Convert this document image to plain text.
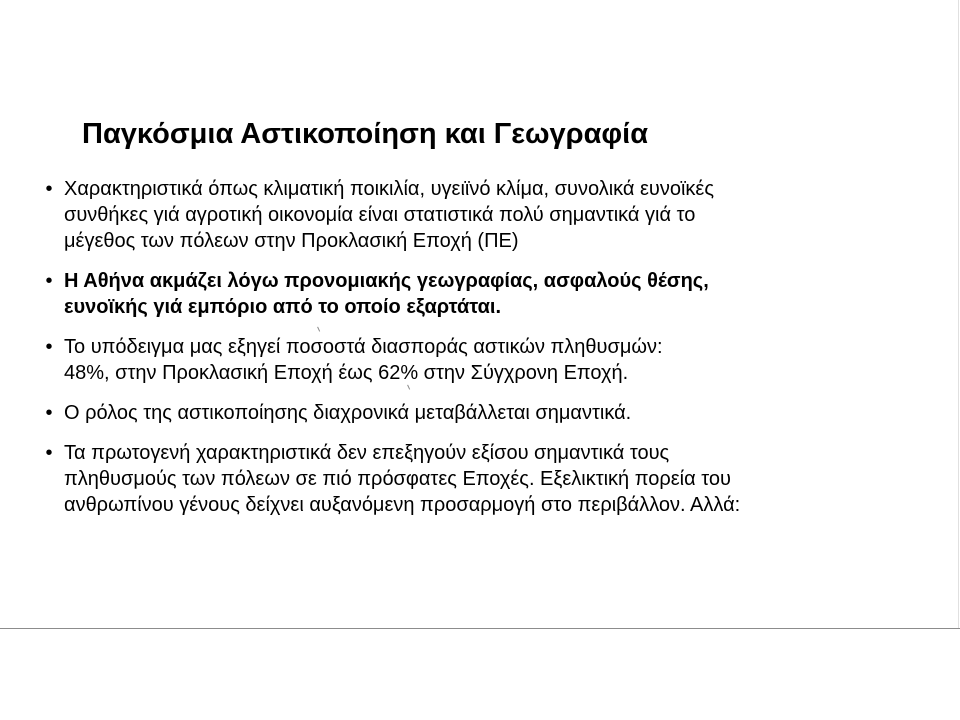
Παγκόσμια Αστικοποίηση και Γεωγραφία
• Χαρακτηριστικά όπως κλιματική ποικιλία, υγειϊνό κλίμα, συνολικά ευνοϊκές
συνθήκες γιά αγροτική οικονομία είναι στατιστικά πολύ σημαντικά γιά το
μέγεθος των πόλεων στην Προκλασική Εποχή (ΠΕ)
• Η Αθήνα ακμάζει λόγω προνομιακής γεωγραφίας, ασφαλούς θέσης,
ευνοϊκής γιά εμπόριο από το οποίο εξαρτάται.
• Το υπόδειγμα μας εξηγεί ποσοστά διασποράς αστικών πληθυσμών:
48%, στην Προκλασική Εποχή έως 62% στην Σύγχρονη Εποχή.
• Ο ρόλος της αστικοποίησης διαχρονικά μεταβάλλεται σημαντικά.
• Τα πρωτογενή χαρακτηριστικά δεν επεξηγούν εξίσου σημαντικά τους
πληθυσμούς των πόλεων σε πιό πρόσφατες Εποχές. Εξελικτική πορεία του
ανθρωπίνου γένους δείχνει αυξανόμενη προσαρμογή στο περιβάλλον. Αλλά:
